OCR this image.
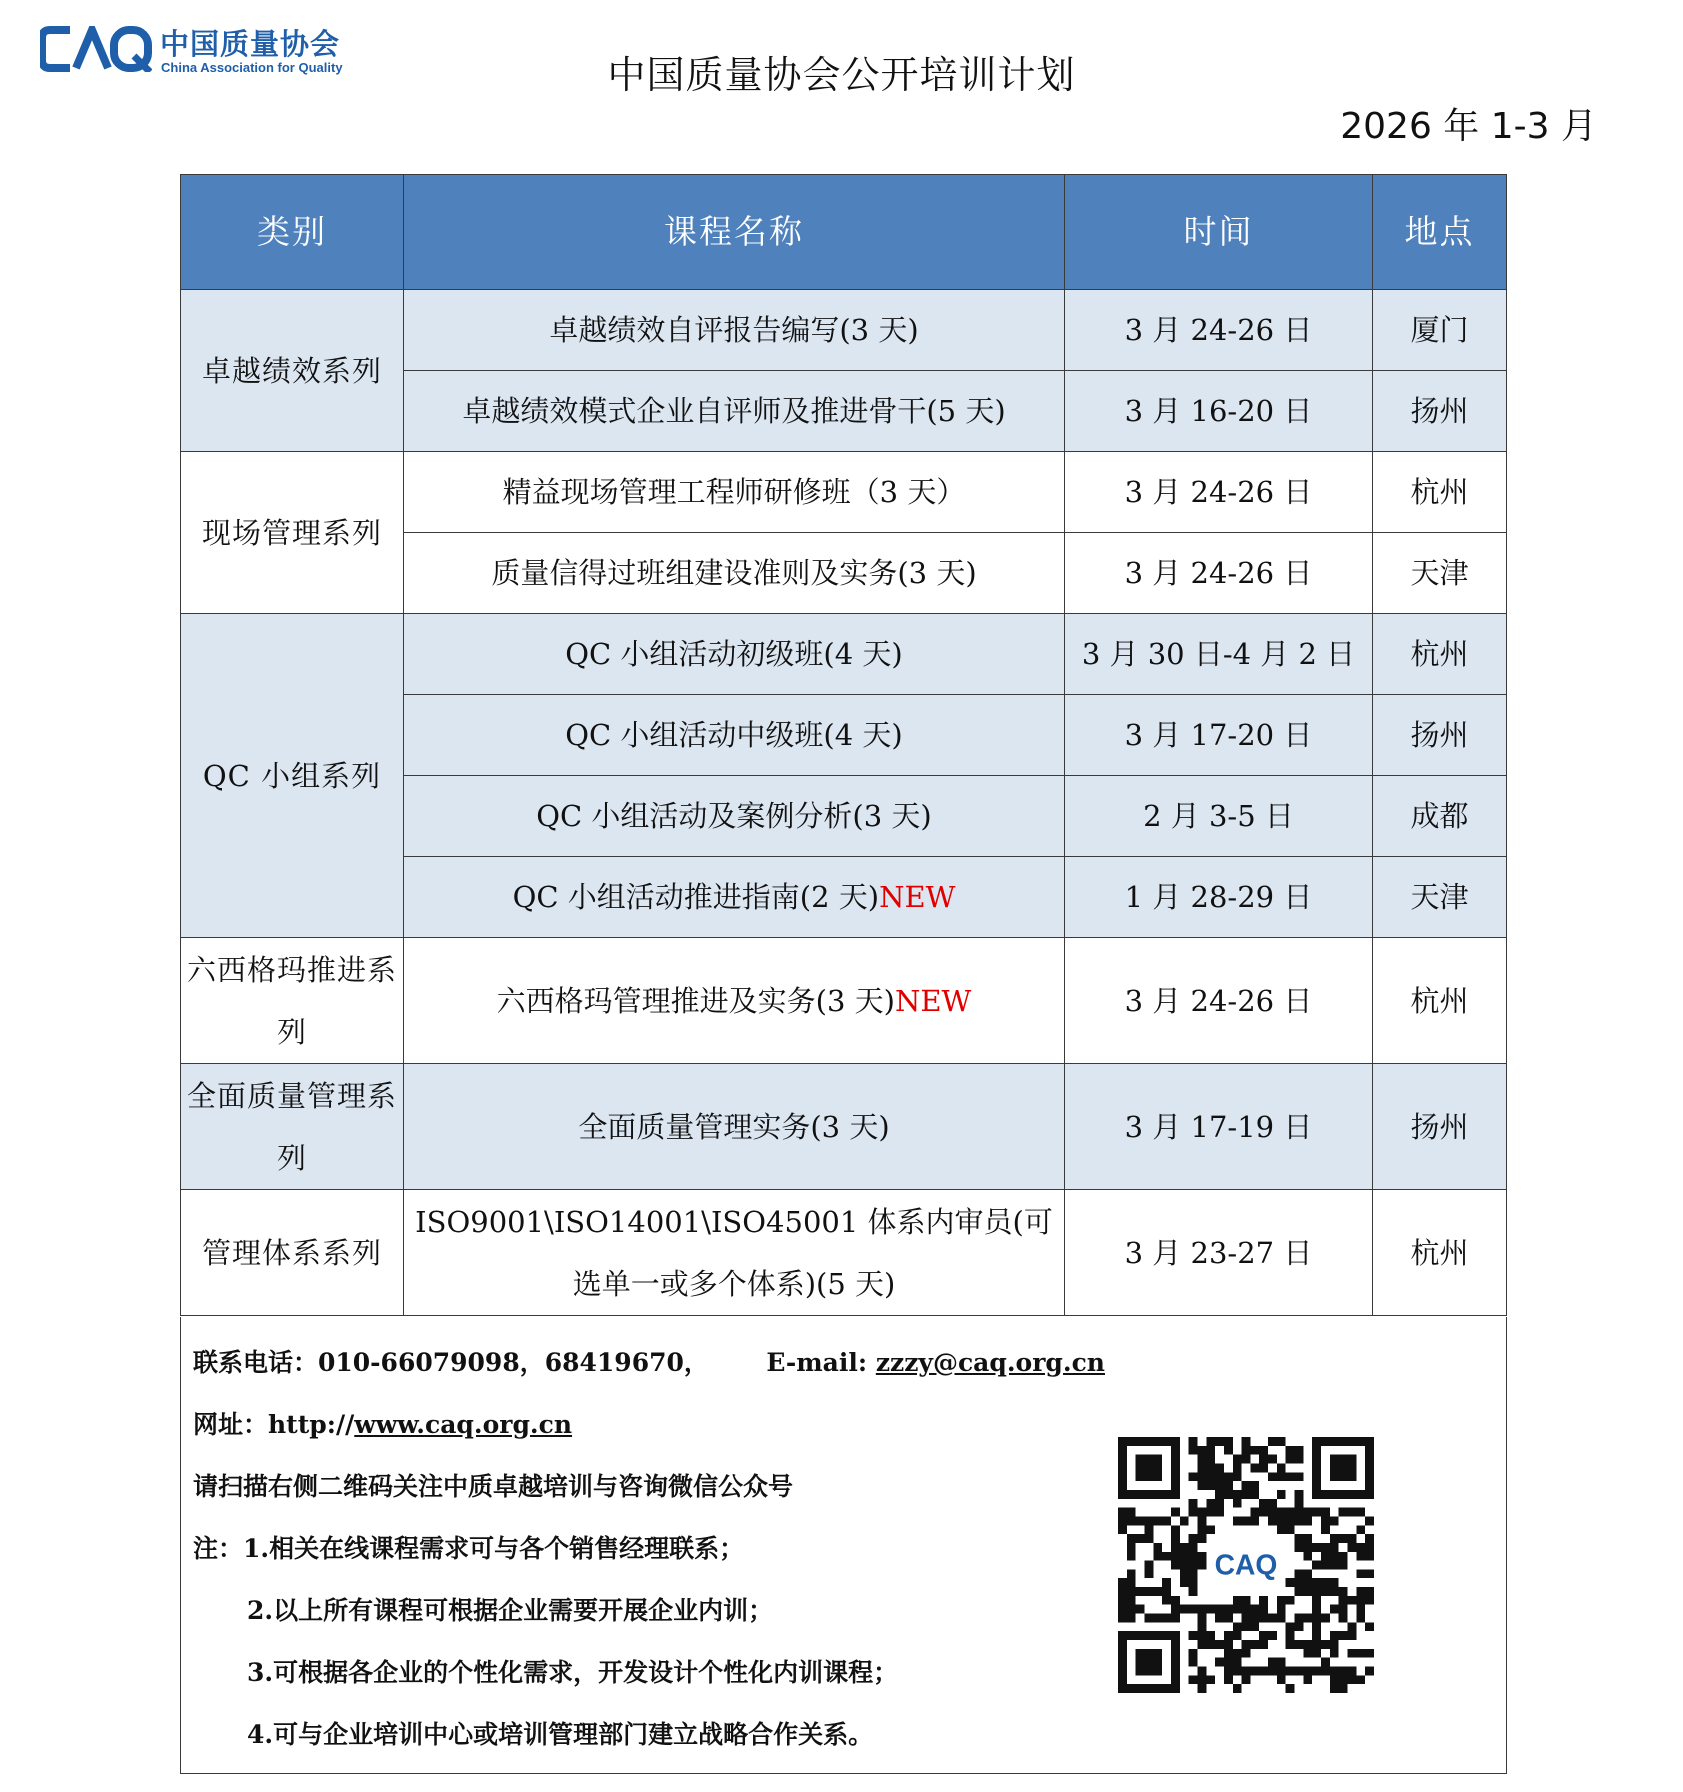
中国质量协会
China Association for Quality	中国质量协会公开培训计划
2026 年 1-3 月
类别	课程名称	时间	地点
卓越绩效系列	卓越绩效自评报告编写(3 天)	3 月 24-26 日	厦门
	卓越绩效模式企业自评师及推进骨干(5 天)	3 月 16-20 日	扬州
现场管理系列	精益现场管理工程师研修班（3 天）	3 月 24-26 日	杭州
	质量信得过班组建设准则及实务(3 天)	3 月 24-26 日	天津
QC 小组系列	QC 小组活动初级班(4 天)	3 月 30 日-4 月 2 日	杭州
	QC 小组活动中级班(4 天)	3 月 17-20 日	扬州
	QC 小组活动及案例分析(3 天)	2 月 3-5 日	成都
	QC 小组活动推进指南(2 天)NEW	1 月 28-29 日	天津
六西格玛推进系列	六西格玛管理推进及实务(3 天)NEW	3 月 24-26 日	杭州
全面质量管理系列	全面质量管理实务(3 天)	3 月 17-19 日	扬州
管理体系系列	ISO9001\ISO14001\ISO45001 体系内审员(可选单一或多个体系)(5 天)	3 月 23-27 日	杭州
联系电话：010-66079098，68419670， E-mail: zzzy@caq.org.cn
网址：http://www.caq.org.cn
请扫描右侧二维码关注中质卓越培训与咨询微信公众号
注：1.相关在线课程需求可与各个销售经理联系；
2.以上所有课程可根据企业需要开展企业内训；
3.可根据各企业的个性化需求，开发设计个性化内训课程；
4.可与企业培训中心或培训管理部门建立战略合作关系。
CAQ
